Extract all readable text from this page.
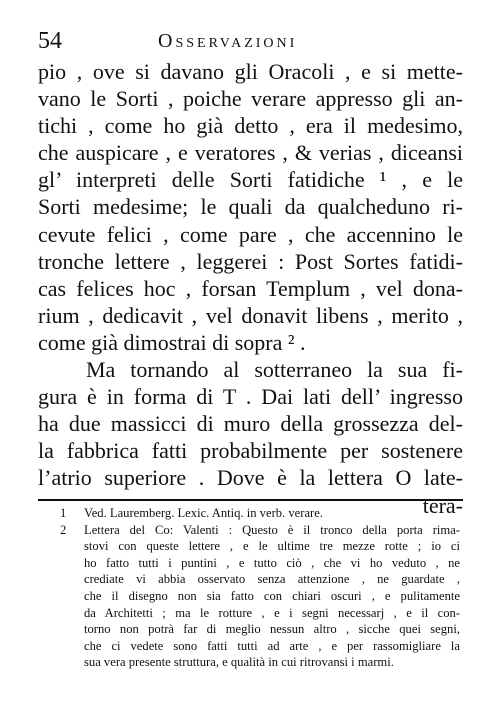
54	Osservazioni
pio , ove si davano gli Oracoli , e si mette-
vano le Sorti , poiche verare appresso gli an-
tichi , come ho già detto , era il medesimo,
che auspicare , e veratores , & verias , diceansi
gl’ interpreti delle Sorti fatidiche ¹ , e le
Sorti medesime; le quali da qualcheduno ri-
cevute felici , come pare , che accennino le
tronche lettere , leggerei : Post Sortes fatidi-
cas felices hoc , forsan Templum , vel dona-
rium , dedicavit , vel donavit libens , merito ,
come già dimostrai di sopra ² .
Ma tornando al sotterraneo la sua fi-
gura è in forma di T . Dai lati dell’ ingresso
ha due massicci di muro della grossezza del-
la fabbrica fatti probabilmente per sostenere
l’atrio superiore . Dove è la lettera O late-
tera-
1	Ved. Lauremberg. Lexic. Antiq. in verb. verare.
2	Lettera del Co: Valenti : Questo è il tronco della porta rima-
stovi con queste lettere , e le ultime tre mezze rotte ; io ci
ho fatto tutti i puntini , e tutto ciò , che vi ho veduto , ne
crediate vi abbia osservato senza attenzione , ne guardate ,
che il disegno non sia fatto con chiari oscuri , e pulitamente
da Architetti ; ma le rotture , e i segni necessarj , e il con-
torno non potrà far di meglio nessun altro , sicche quei segni,
che ci vedete sono fatti tutti ad arte , e per rassomigliare la
sua vera presente struttura, e qualità in cui ritrovansi i marmi.
